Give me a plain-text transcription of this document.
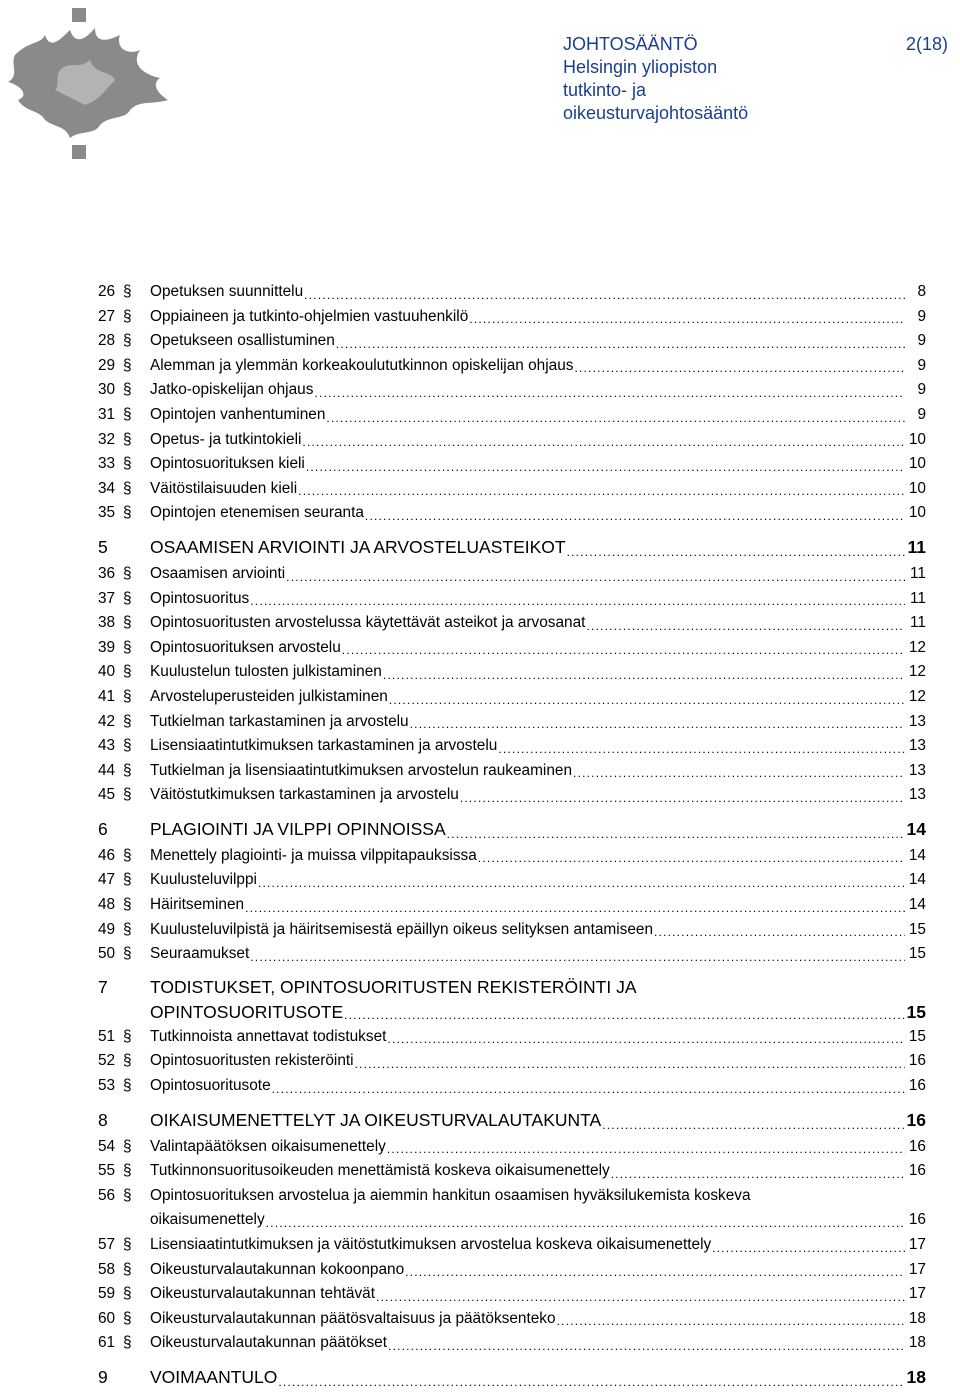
JOHTOSÄÄNTÖ
Helsingin yliopiston
tutkinto- ja
oikeusturvajohtosääntö
2(18)
26 §	Opetuksen suunnittelu .....	8
27 §	Oppiaineen ja tutkinto-ohjelmien vastuuhenkilö .....	9
28 §	Opetukseen osallistuminen .....	9
29 §	Alemman ja ylemmän korkeakoulututkinnon opiskelijan ohjaus .....	9
30 §	Jatko-opiskelijan ohjaus .....	9
31 §	Opintojen vanhentuminen .....	9
32 §	Opetus- ja tutkintokieli .....	10
33 §	Opintosuorituksen kieli .....	10
34 §	Väitöstilaisuuden kieli .....	10
35 §	Opintojen etenemisen seuranta .....	10
5	OSAAMISEN ARVIOINTI JA ARVOSTELUASTEIKOT .....	11
36 §	Osaamisen arviointi .....	11
37 §	Opintosuoritus .....	11
38 §	Opintosuoritusten arvostelussa käytettävät asteikot ja arvosanat .....	11
39 §	Opintosuorituksen arvostelu .....	12
40 §	Kuulustelun tulosten julkistaminen .....	12
41 §	Arvosteluperusteiden julkistaminen .....	12
42 §	Tutkielman tarkastaminen ja arvostelu .....	13
43 §	Lisensiaatintutkimuksen tarkastaminen ja arvostelu .....	13
44 §	Tutkielman ja lisensiaatintutkimuksen arvostelun raukeaminen .....	13
45 §	Väitöstutkimuksen tarkastaminen ja arvostelu .....	13
6	PLAGIOINTI JA VILPPI OPINNOISSA .....	14
46 §	Menettely plagiointi- ja muissa vilppitapauksissa .....	14
47 §	Kuulusteluvilppi .....	14
48 §	Häiritseminen .....	14
49 §	Kuulusteluvilpistä ja häiritsemisestä epäillyn oikeus selityksen antamiseen .....	15
50 §	Seuraamukset .....	15
7	TODISTUKSET, OPINTOSUORITUSTEN REKISTERÖINTI JA
OPINTOSUORITUSOTE .....	15
51 §	Tutkinnoista annettavat todistukset .....	15
52 §	Opintosuoritusten rekisteröinti .....	16
53 §	Opintosuoritusote .....	16
8	OIKAISUMENETTELYT JA OIKEUSTURVALAUTAKUNTA .....	16
54 §	Valintapäätöksen oikaisumenettely .....	16
55 §	Tutkinnonsuoritusoikeuden menettämistä koskeva oikaisumenettely .....	16
56 §	Opintosuorituksen arvostelua ja aiemmin hankitun osaamisen hyväksilukemista koskeva
oikaisumenettely .....	16
57 §	Lisensiaatintutkimuksen ja väitöstutkimuksen arvostelua koskeva oikaisumenettely .....	17
58 §	Oikeusturvalautakunnan kokoonpano .....	17
59 §	Oikeusturvalautakunnan tehtävät .....	17
60 §	Oikeusturvalautakunnan päätösvaltaisuus ja päätöksenteko .....	18
61 §	Oikeusturvalautakunnan päätökset .....	18
9	VOIMAANTULO .....	18
